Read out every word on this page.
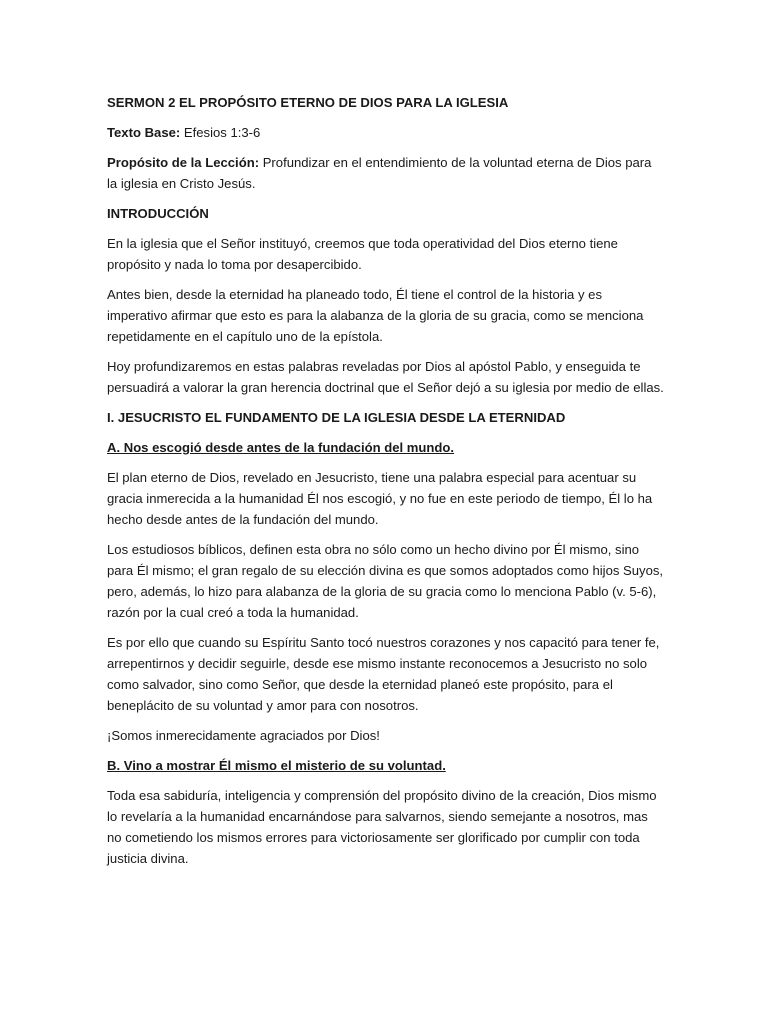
SERMON 2 EL PROPÓSITO ETERNO DE DIOS PARA LA IGLESIA

Texto Base: Efesios 1:3-6

Propósito de la Lección: Profundizar en el entendimiento de la voluntad eterna de Dios para la iglesia en Cristo Jesús.

INTRODUCCIÓN

En la iglesia que el Señor instituyó, creemos que toda operatividad del Dios eterno tiene propósito y nada lo toma por desapercibido.

Antes bien, desde la eternidad ha planeado todo, Él tiene el control de la historia y es imperativo afirmar que esto es para la alabanza de la gloria de su gracia, como se menciona repetidamente en el capítulo uno de la epístola.

Hoy profundizaremos en estas palabras reveladas por Dios al apóstol Pablo, y enseguida te persuadirá a valorar la gran herencia doctrinal que el Señor dejó a su iglesia por medio de ellas.

I. JESUCRISTO EL FUNDAMENTO DE LA IGLESIA DESDE LA ETERNIDAD

A. Nos escogió desde antes de la fundación del mundo.

El plan eterno de Dios, revelado en Jesucristo, tiene una palabra especial para acentuar su gracia inmerecida a la humanidad Él nos escogió, y no fue en este periodo de tiempo, Él lo ha hecho desde antes de la fundación del mundo.

Los estudiosos bíblicos, definen esta obra no sólo como un hecho divino por Él mismo, sino para Él mismo; el gran regalo de su elección divina es que somos adoptados como hijos Suyos, pero, además, lo hizo para alabanza de la gloria de su gracia como lo menciona Pablo (v. 5-6), razón por la cual creó a toda la humanidad.

Es por ello que cuando su Espíritu Santo tocó nuestros corazones y nos capacitó para tener fe, arrepentirnos y decidir seguirle, desde ese mismo instante reconocemos a Jesucristo no solo como salvador, sino como Señor, que desde la eternidad planeó este propósito, para el beneplácito de su voluntad y amor para con nosotros.

¡Somos inmerecidamente agraciados por Dios!

B. Vino a mostrar Él mismo el misterio de su voluntad.

Toda esa sabiduría, inteligencia y comprensión del propósito divino de la creación, Dios mismo lo revelaría a la humanidad encarnándose para salvarnos, siendo semejante a nosotros, mas no cometiendo los mismos errores para victoriosamente ser glorificado por cumplir con toda justicia divina.
